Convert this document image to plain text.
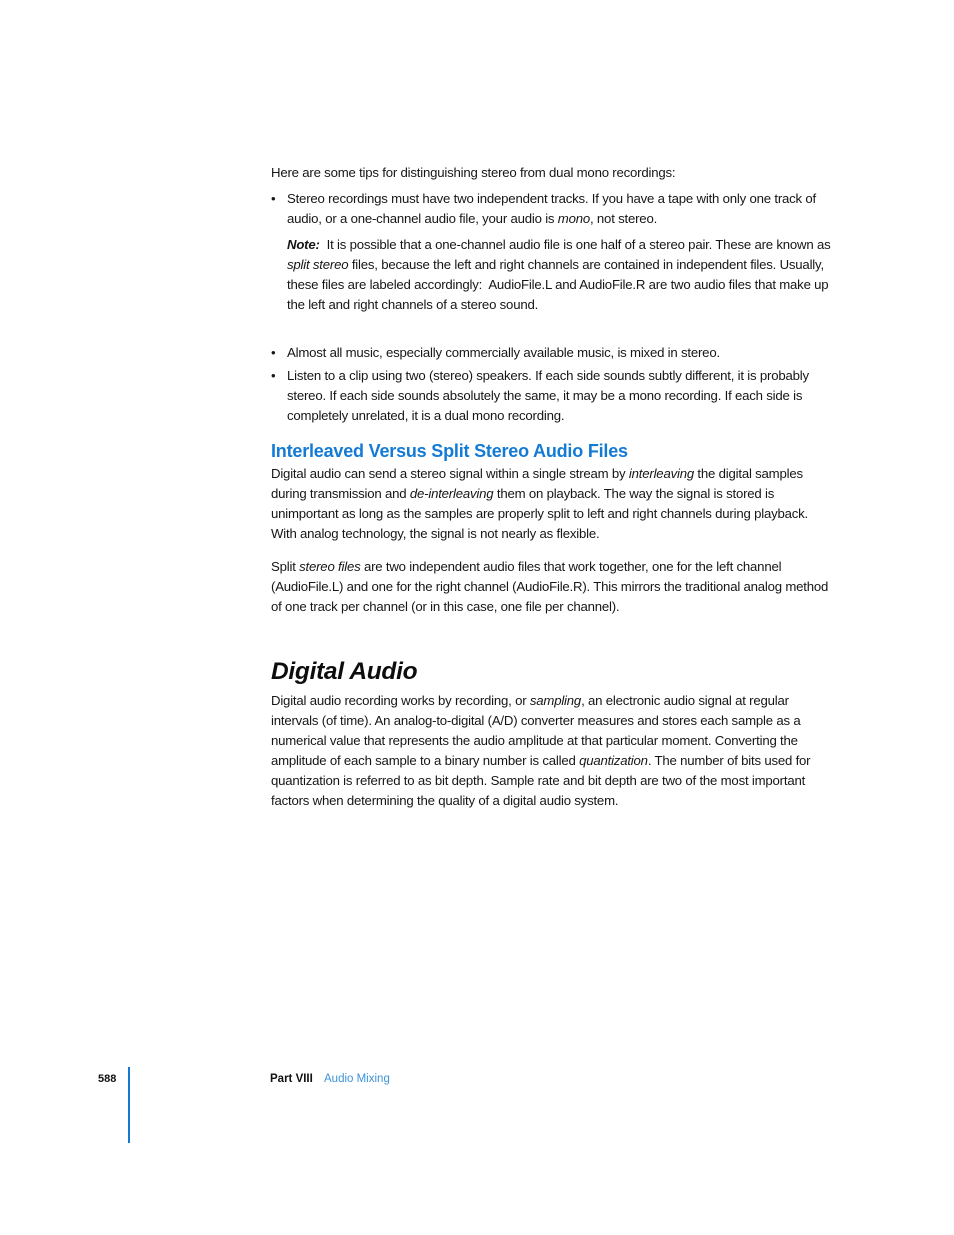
Here are some tips for distinguishing stereo from dual mono recordings:

• Stereo recordings must have two independent tracks. If you have a tape with only one track of audio, or a one-channel audio file, your audio is mono, not stereo.

Note:  It is possible that a one-channel audio file is one half of a stereo pair. These are known as split stereo files, because the left and right channels are contained in independent files. Usually, these files are labeled accordingly:  AudioFile.L and AudioFile.R are two audio files that make up the left and right channels of a stereo sound.

• Almost all music, especially commercially available music, is mixed in stereo.
• Listen to a clip using two (stereo) speakers. If each side sounds subtly different, it is probably stereo. If each side sounds absolutely the same, it may be a mono recording. If each side is completely unrelated, it is a dual mono recording.
Interleaved Versus Split Stereo Audio Files

Digital audio can send a stereo signal within a single stream by interleaving the digital samples during transmission and de-interleaving them on playback. The way the signal is stored is unimportant as long as the samples are properly split to left and right channels during playback. With analog technology, the signal is not nearly as flexible.

Split stereo files are two independent audio files that work together, one for the left channel (AudioFile.L) and one for the right channel (AudioFile.R). This mirrors the traditional analog method of one track per channel (or in this case, one file per channel).

Digital Audio

Digital audio recording works by recording, or sampling, an electronic audio signal at regular intervals (of time). An analog-to-digital (A/D) converter measures and stores each sample as a numerical value that represents the audio amplitude at that particular moment. Converting the amplitude of each sample to a binary number is called quantization. The number of bits used for quantization is referred to as bit depth. Sample rate and bit depth are two of the most important factors when determining the quality of a digital audio system.

588	Part VIII Audio Mixing
